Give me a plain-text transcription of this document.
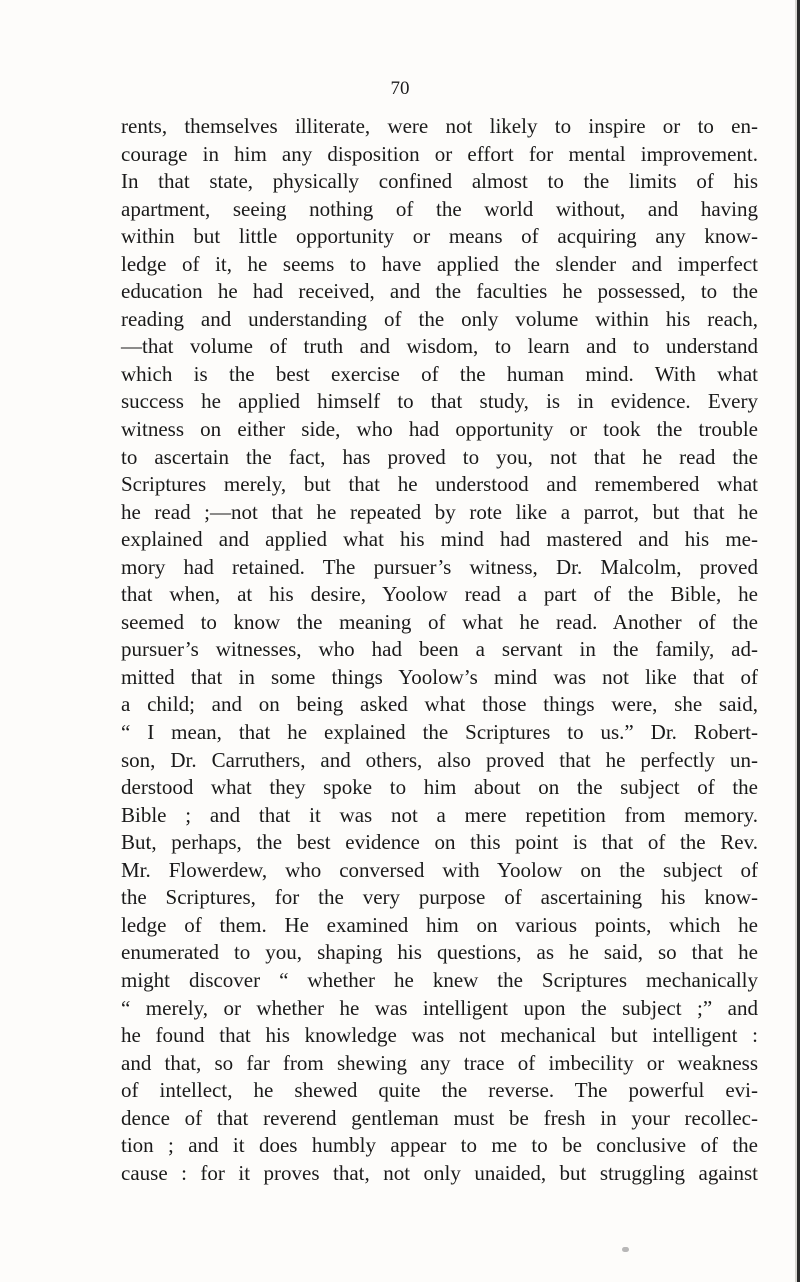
70
rents, themselves illiterate, were not likely to inspire or to en-
courage in him any disposition or effort for mental improvement.
In that state, physically confined almost to the limits of his
apartment, seeing nothing of the world without, and having
within but little opportunity or means of acquiring any know-
ledge of it, he seems to have applied the slender and imperfect
education he had received, and the faculties he possessed, to the
reading and understanding of the only volume within his reach,
—that volume of truth and wisdom, to learn and to understand
which is the best exercise of the human mind. With what
success he applied himself to that study, is in evidence. Every
witness on either side, who had opportunity or took the trouble
to ascertain the fact, has proved to you, not that he read the
Scriptures merely, but that he understood and remembered what
he read ;—not that he repeated by rote like a parrot, but that he
explained and applied what his mind had mastered and his me-
mory had retained. The pursuer’s witness, Dr. Malcolm, proved
that when, at his desire, Yoolow read a part of the Bible, he
seemed to know the meaning of what he read. Another of the
pursuer’s witnesses, who had been a servant in the family, ad-
mitted that in some things Yoolow’s mind was not like that of
a child; and on being asked what those things were, she said,
“ I mean, that he explained the Scriptures to us.” Dr. Robert-
son, Dr. Carruthers, and others, also proved that he perfectly un-
derstood what they spoke to him about on the subject of the
Bible ; and that it was not a mere repetition from memory.
But, perhaps, the best evidence on this point is that of the Rev.
Mr. Flowerdew, who conversed with Yoolow on the subject of
the Scriptures, for the very purpose of ascertaining his know-
ledge of them. He examined him on various points, which he
enumerated to you, shaping his questions, as he said, so that he
might discover “ whether he knew the Scriptures mechanically
“ merely, or whether he was intelligent upon the subject ;” and
he found that his knowledge was not mechanical but intelligent :
and that, so far from shewing any trace of imbecility or weakness
of intellect, he shewed quite the reverse. The powerful evi-
dence of that reverend gentleman must be fresh in your recollec-
tion ; and it does humbly appear to me to be conclusive of the
cause : for it proves that, not only unaided, but struggling against
